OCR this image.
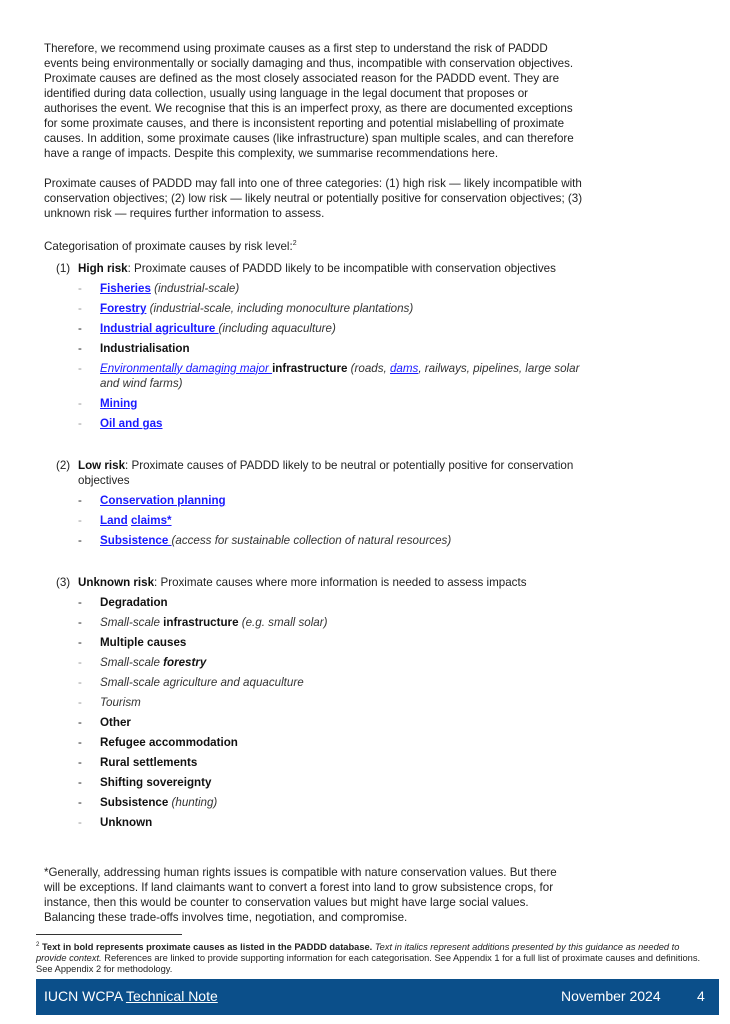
Therefore, we recommend using proximate causes as a first step to understand the risk of PADDD events being environmentally or socially damaging and thus, incompatible with conservation objectives. Proximate causes are defined as the most closely associated reason for the PADDD event. They are identified during data collection, usually using language in the legal document that proposes or authorises the event. We recognise that this is an imperfect proxy, as there are documented exceptions for some proximate causes, and there is inconsistent reporting and potential mislabelling of proximate causes. In addition, some proximate causes (like infrastructure) span multiple scales, and can therefore have a range of impacts. Despite this complexity, we summarise recommendations here.

Proximate causes of PADDD may fall into one of three categories: (1) high risk — likely incompatible with conservation objectives; (2) low risk — likely neutral or potentially positive for conservation objectives; (3) unknown risk — requires further information to assess.

Categorisation of proximate causes by risk level:$^2$

(1) High risk: Proximate causes of PADDD likely to be incompatible with conservation objectives

- Fisheries (industrial-scale)
- Forestry (industrial-scale, including monoculture plantations)
- Industrial agriculture (including aquaculture)
- Industrialisation
- Environmentally damaging major infrastructure (roads, dams, railways, pipelines, large solar and wind farms)
- Mining
- Oil and gas
(2) Low risk: Proximate causes of PADDD likely to be neutral or potentially positive for conservation objectives

- Conservation planning
- Land claims*
- Subsistence (access for sustainable collection of natural resources)
(3) Unknown risk: Proximate causes where more information is needed to assess impacts

- Degradation
- Small-scale infrastructure (e.g. small solar)
- Multiple causes
- Small-scale forestry
- Small-scale agriculture and aquaculture
- Tourism
- Other
- Refugee accommodation
- Rural settlements
- Shifting sovereignty
- Subsistence (hunting)
- Unknown

*Generally, addressing human rights issues is compatible with nature conservation values. But there will be exceptions. If land claimants want to convert a forest into land to grow subsistence crops, for instance, then this would be counter to conservation values but might have large social values. Balancing these trade-offs involves time, negotiation, and compromise.

$^2$ Text in bold represents proximate causes as listed in the PADDD database. Text in italics represent additions presented by this guidance as needed to provide context. References are linked to provide supporting information for each categorisation. See Appendix 1 for a full list of proximate causes and definitions. See Appendix 2 for methodology.

IUCN WCPA Technical Note	November 2024	4
